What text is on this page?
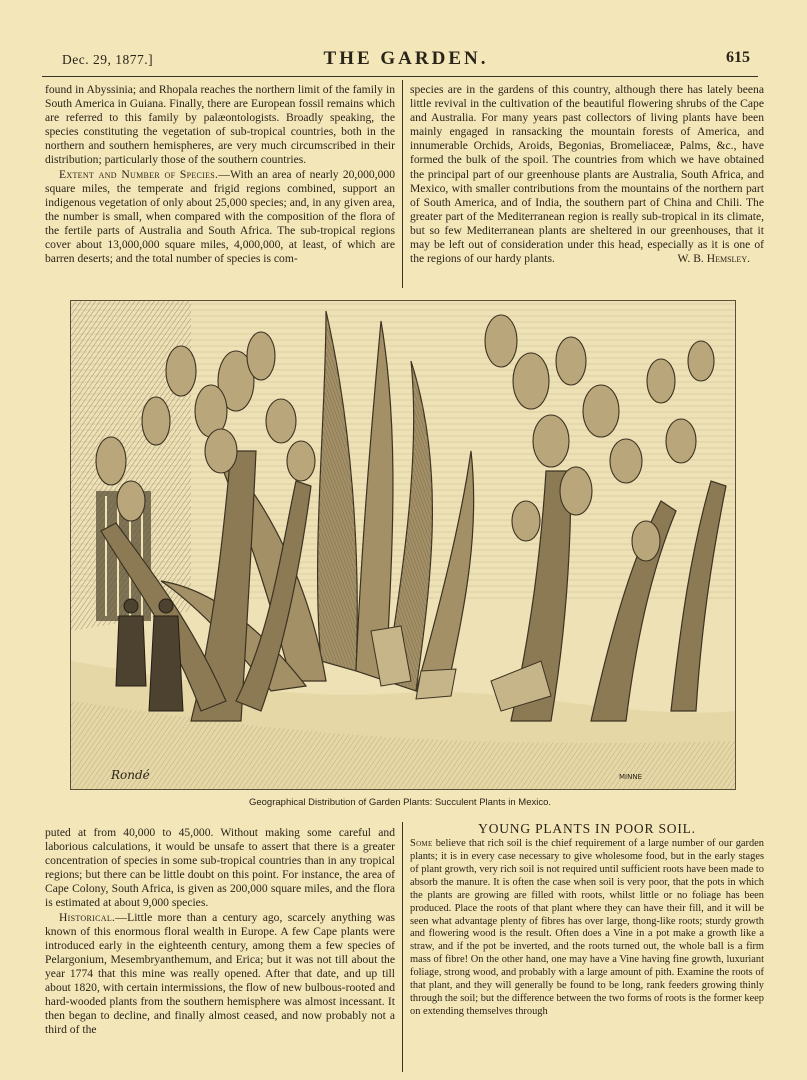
Dec. 29, 1877.]	THE GARDEN.	615

found in Abyssinia; and Rhopala reaches the northern limit of the family in South America in Guiana. Finally, there are European fossil remains which are referred to this family by palæontologists. Broadly speaking, the species constituting the vegetation of sub-tropical countries, both in the northern and southern hemispheres, are very much circumscribed in their distribution; particularly those of the southern countries.

Extent and Number of Species.—With an area of nearly 20,000,000 square miles, the temperate and frigid regions combined, support an indigenous vegetation of only about 25,000 species; and, in any given area, the number is small, when compared with the composition of the flora of the fertile parts of Australia and South Africa. The sub-tropical regions cover about 13,000,000 square miles, 4,000,000, at least, of which are barren deserts; and the total number of species is com-

species are in the gardens of this country, although there has lately beena little revival in the cultivation of the beautiful flowering shrubs of the Cape and Australia. For many years past collectors of living plants have been mainly engaged in ransacking the mountain forests of America, and innumerable Orchids, Aroids, Begonias, Bromeliaceæ, Palms, &c., have formed the bulk of the spoil. The countries from which we have obtained the principal part of our greenhouse plants are Australia, South Africa, and Mexico, with smaller contributions from the mountains of the northern part of South America, and of India, the southern part of China and Chili. The greater part of the Mediterranean region is really sub-tropical in its climate, but so few Mediterranean plants are sheltered in our greenhouses, that it may be left out of consideration under this head, especially as it is one of the regions of our hardy plants.	W. B. Hemsley.

Rondé	MINNE
Geographical Distribution of Garden Plants: Succulent Plants in Mexico.

puted at from 40,000 to 45,000. Without making some careful and laborious calculations, it would be unsafe to assert that there is a greater concentration of species in some sub-tropical countries than in any tropical regions; but there can be little doubt on this point. For instance, the area of Cape Colony, South Africa, is given as 200,000 square miles, and the flora is estimated at about 9,000 species.

Historical.—Little more than a century ago, scarcely anything was known of this enormous floral wealth in Europe. A few Cape plants were introduced early in the eighteenth century, among them a few species of Pelargonium, Mesembryanthemum, and Erica; but it was not till about the year 1774 that this mine was really opened. After that date, and up till about 1820, with certain intermissions, the flow of new bulbous-rooted and hard-wooded plants from the southern hemisphere was almost incessant. It then began to decline, and finally almost ceased, and now probably not a third of the

YOUNG PLANTS IN POOR SOIL.

Some believe that rich soil is the chief requirement of a large number of our garden plants; it is in every case necessary to give wholesome food, but in the early stages of plant growth, very rich soil is not required until sufficient roots have been made to absorb the manure. It is often the case when soil is very poor, that the pots in which the plants are growing are filled with roots, whilst little or no foliage has been produced. Place the roots of that plant where they can have their fill, and it will be seen what advantage plenty of fibres has over large, thong-like roots; sturdy growth and flowering wood is the result. Often does a Vine in a pot make a growth like a straw, and if the pot be inverted, and the roots turned out, the whole ball is a firm mass of fibre! On the other hand, one may have a Vine having fine growth, luxuriant foliage, strong wood, and probably with a large amount of pith. Examine the roots of that plant, and they will generally be found to be long, rank feeders growing thinly through the soil; but the difference between the two forms of roots is the former keep on extending themselves through
